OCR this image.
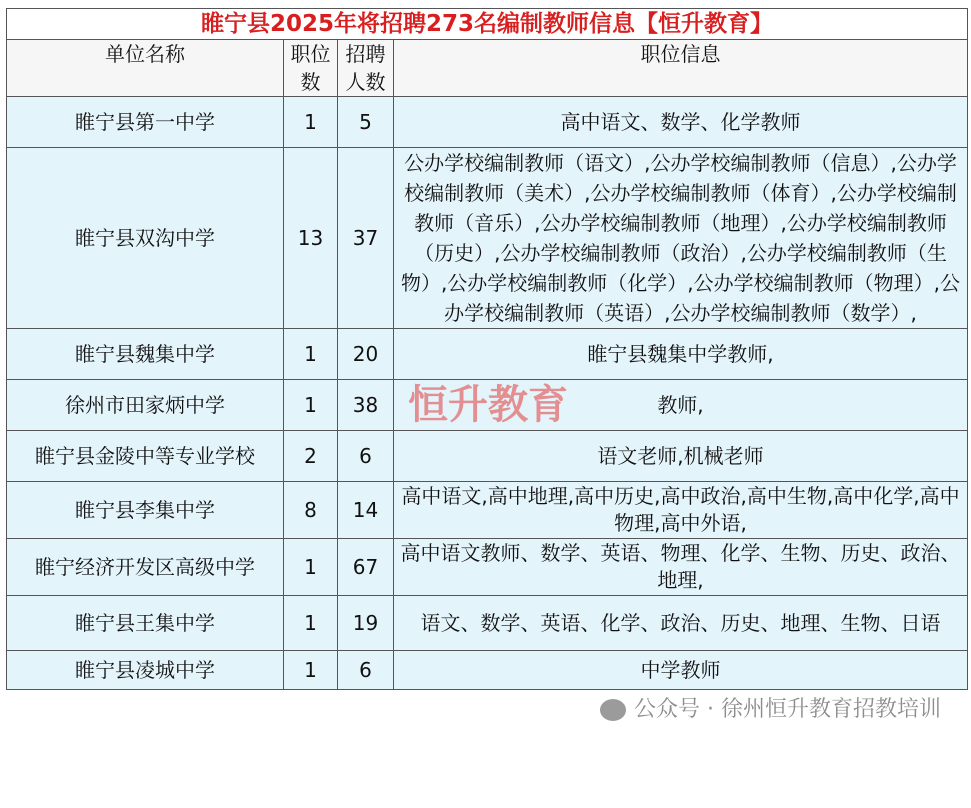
睢宁县2025年将招聘273名编制教师信息【恒升教育】			
单位名称	职位数	招聘人数	职位信息
睢宁县第一中学	1	5	高中语文、数学、化学教师
睢宁县双沟中学	13	37	公办学校编制教师（语文）,公办学校编制教师（信息）,公办学校编制教师（美术）,公办学校编制教师（体育）,公办学校编制教师（音乐）,公办学校编制教师（地理）,公办学校编制教师（历史）,公办学校编制教师（政治）,公办学校编制教师（生物）,公办学校编制教师（化学）,公办学校编制教师（物理）,公办学校编制教师（英语）,公办学校编制教师（数学）,
睢宁县魏集中学	1	20	睢宁县魏集中学教师,
徐州市田家炳中学	1	38	教师,
恒升教育

睢宁县金陵中等专业学校	2	6	语文老师,机械老师
睢宁县李集中学	8	14	高中语文,高中地理,高中历史,高中政治,高中生物,高中化学,高中物理,高中外语,
睢宁经济开发区高级中学	1	67	高中语文教师、数学、英语、物理、化学、生物、历史、政治、地理,
睢宁县王集中学	1	19	语文、数学、英语、化学、政治、历史、地理、生物、日语
睢宁县凌城中学	1	6	中学教师
公众号 · 徐州恒升教育招教培训
